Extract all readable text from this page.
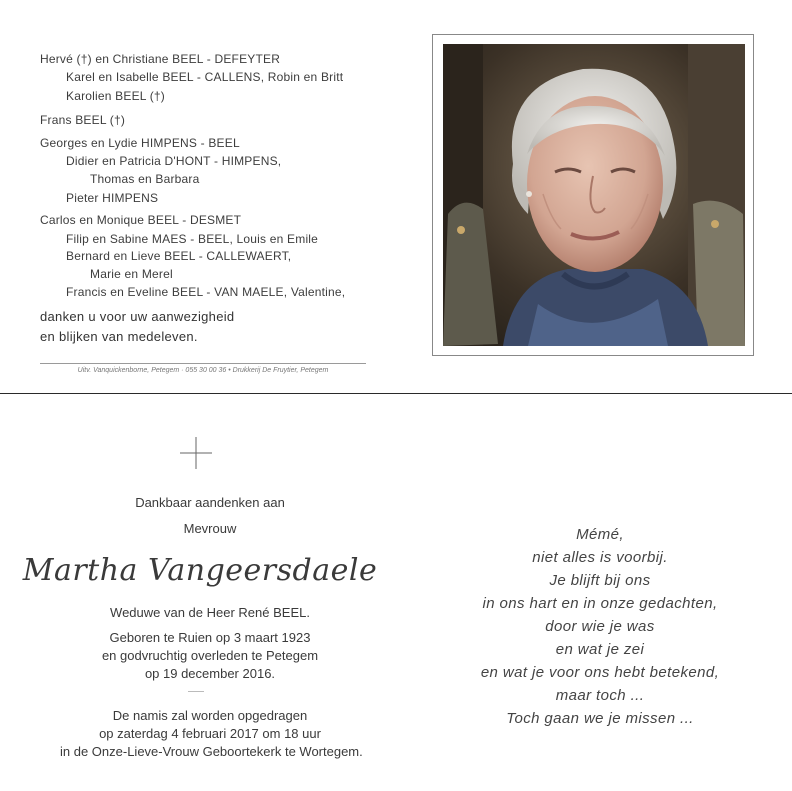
Hervé (†) en Christiane BEEL - DEFEYTER
Karel en Isabelle BEEL - CALLENS, Robin en Britt
Karolien BEEL (†)
Frans BEEL (†)
Georges en Lydie HIMPENS - BEEL
Didier en Patricia D'HONT - HIMPENS,
Thomas en Barbara
Pieter HIMPENS
Carlos en Monique BEEL - DESMET
Filip en Sabine MAES - BEEL, Louis en Emile
Bernard en Lieve BEEL - CALLEWAERT,
Marie en Merel
Francis en Eveline BEEL - VAN MAELE, Valentine,
danken u voor uw aanwezigheid
en blijken van medeleven.
Uitv. Vanquickenborne, Petegem · 055 30 00 36 • Drukkerij De Fruytier, Petegem
Dankbaar aandenken aan
Mevrouw
Martha Vangeersdaele
Weduwe van de Heer René BEEL.
Geboren te Ruien op 3 maart 1923
en godvruchtig overleden te Petegem
op 19 december 2016.
De namis zal worden opgedragen
op zaterdag 4 februari 2017 om 18 uur
in de Onze-Lieve-Vrouw Geboortekerk te Wortegem.
Mémé,
niet alles is voorbij.
Je blijft bij ons
in ons hart en in onze gedachten,
door wie je was
en wat je zei
en wat je voor ons hebt betekend,
maar toch ...
Toch gaan we je missen ...
